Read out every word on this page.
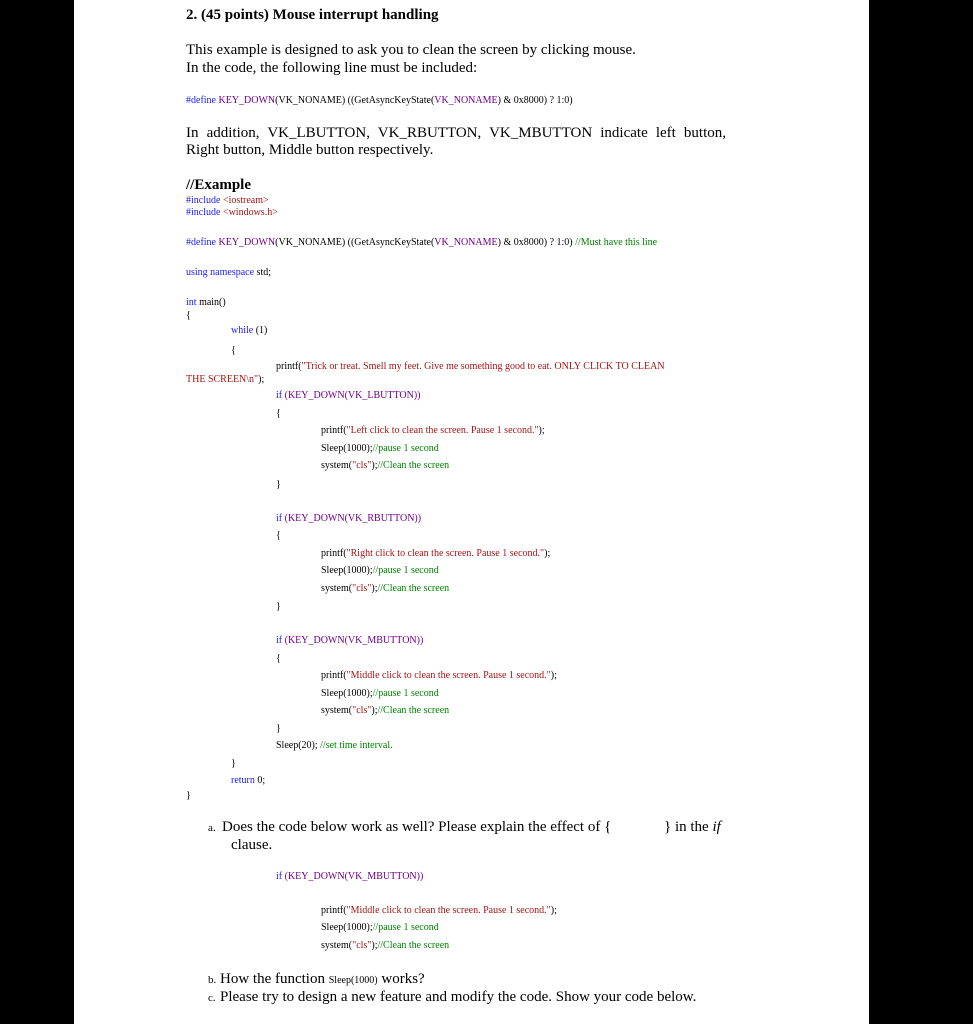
2. (45 points) Mouse interrupt handling
This example is designed to ask you to clean the screen by clicking mouse.
In the code, the following line must be included:
#define KEY_DOWN(VK_NONAME) ((GetAsyncKeyState(VK_NONAME) & 0x8000) ? 1:0)
In  addition,  VK_LBUTTON,  VK_RBUTTON,  VK_MBUTTON  indicate  left  button,
Right button, Middle button respectively.
//Example
#include <iostream>
#include <windows.h>
#define KEY_DOWN(VK_NONAME) ((GetAsyncKeyState(VK_NONAME) & 0x8000) ? 1:0) //Must have this line
using namespace std;
int main()
{
while (1)
{
printf("Trick or treat. Smell my feet. Give me something good to eat. ONLY CLICK TO CLEAN
THE SCREEN\n");
if (KEY_DOWN(VK_LBUTTON))
{
printf("Left click to clean the screen. Pause 1 second.");
Sleep(1000);//pause 1 second
system("cls");//Clean the screen
}
if (KEY_DOWN(VK_RBUTTON))
{
printf("Right click to clean the screen. Pause 1 second.");
Sleep(1000);//pause 1 second
system("cls");//Clean the screen
}
if (KEY_DOWN(VK_MBUTTON))
{
printf("Middle click to clean the screen. Pause 1 second.");
Sleep(1000);//pause 1 second
system("cls");//Clean the screen
}
Sleep(20); //set time interval.
}
return 0;
}
a. Does the code below work as well? Please explain the effect of {	} in the if
clause.
if (KEY_DOWN(VK_MBUTTON))
printf("Middle click to clean the screen. Pause 1 second.");
Sleep(1000);//pause 1 second
system("cls");//Clean the screen
b. How the function Sleep(1000) works?
c. Please try to design a new feature and modify the code. Show your code below.
